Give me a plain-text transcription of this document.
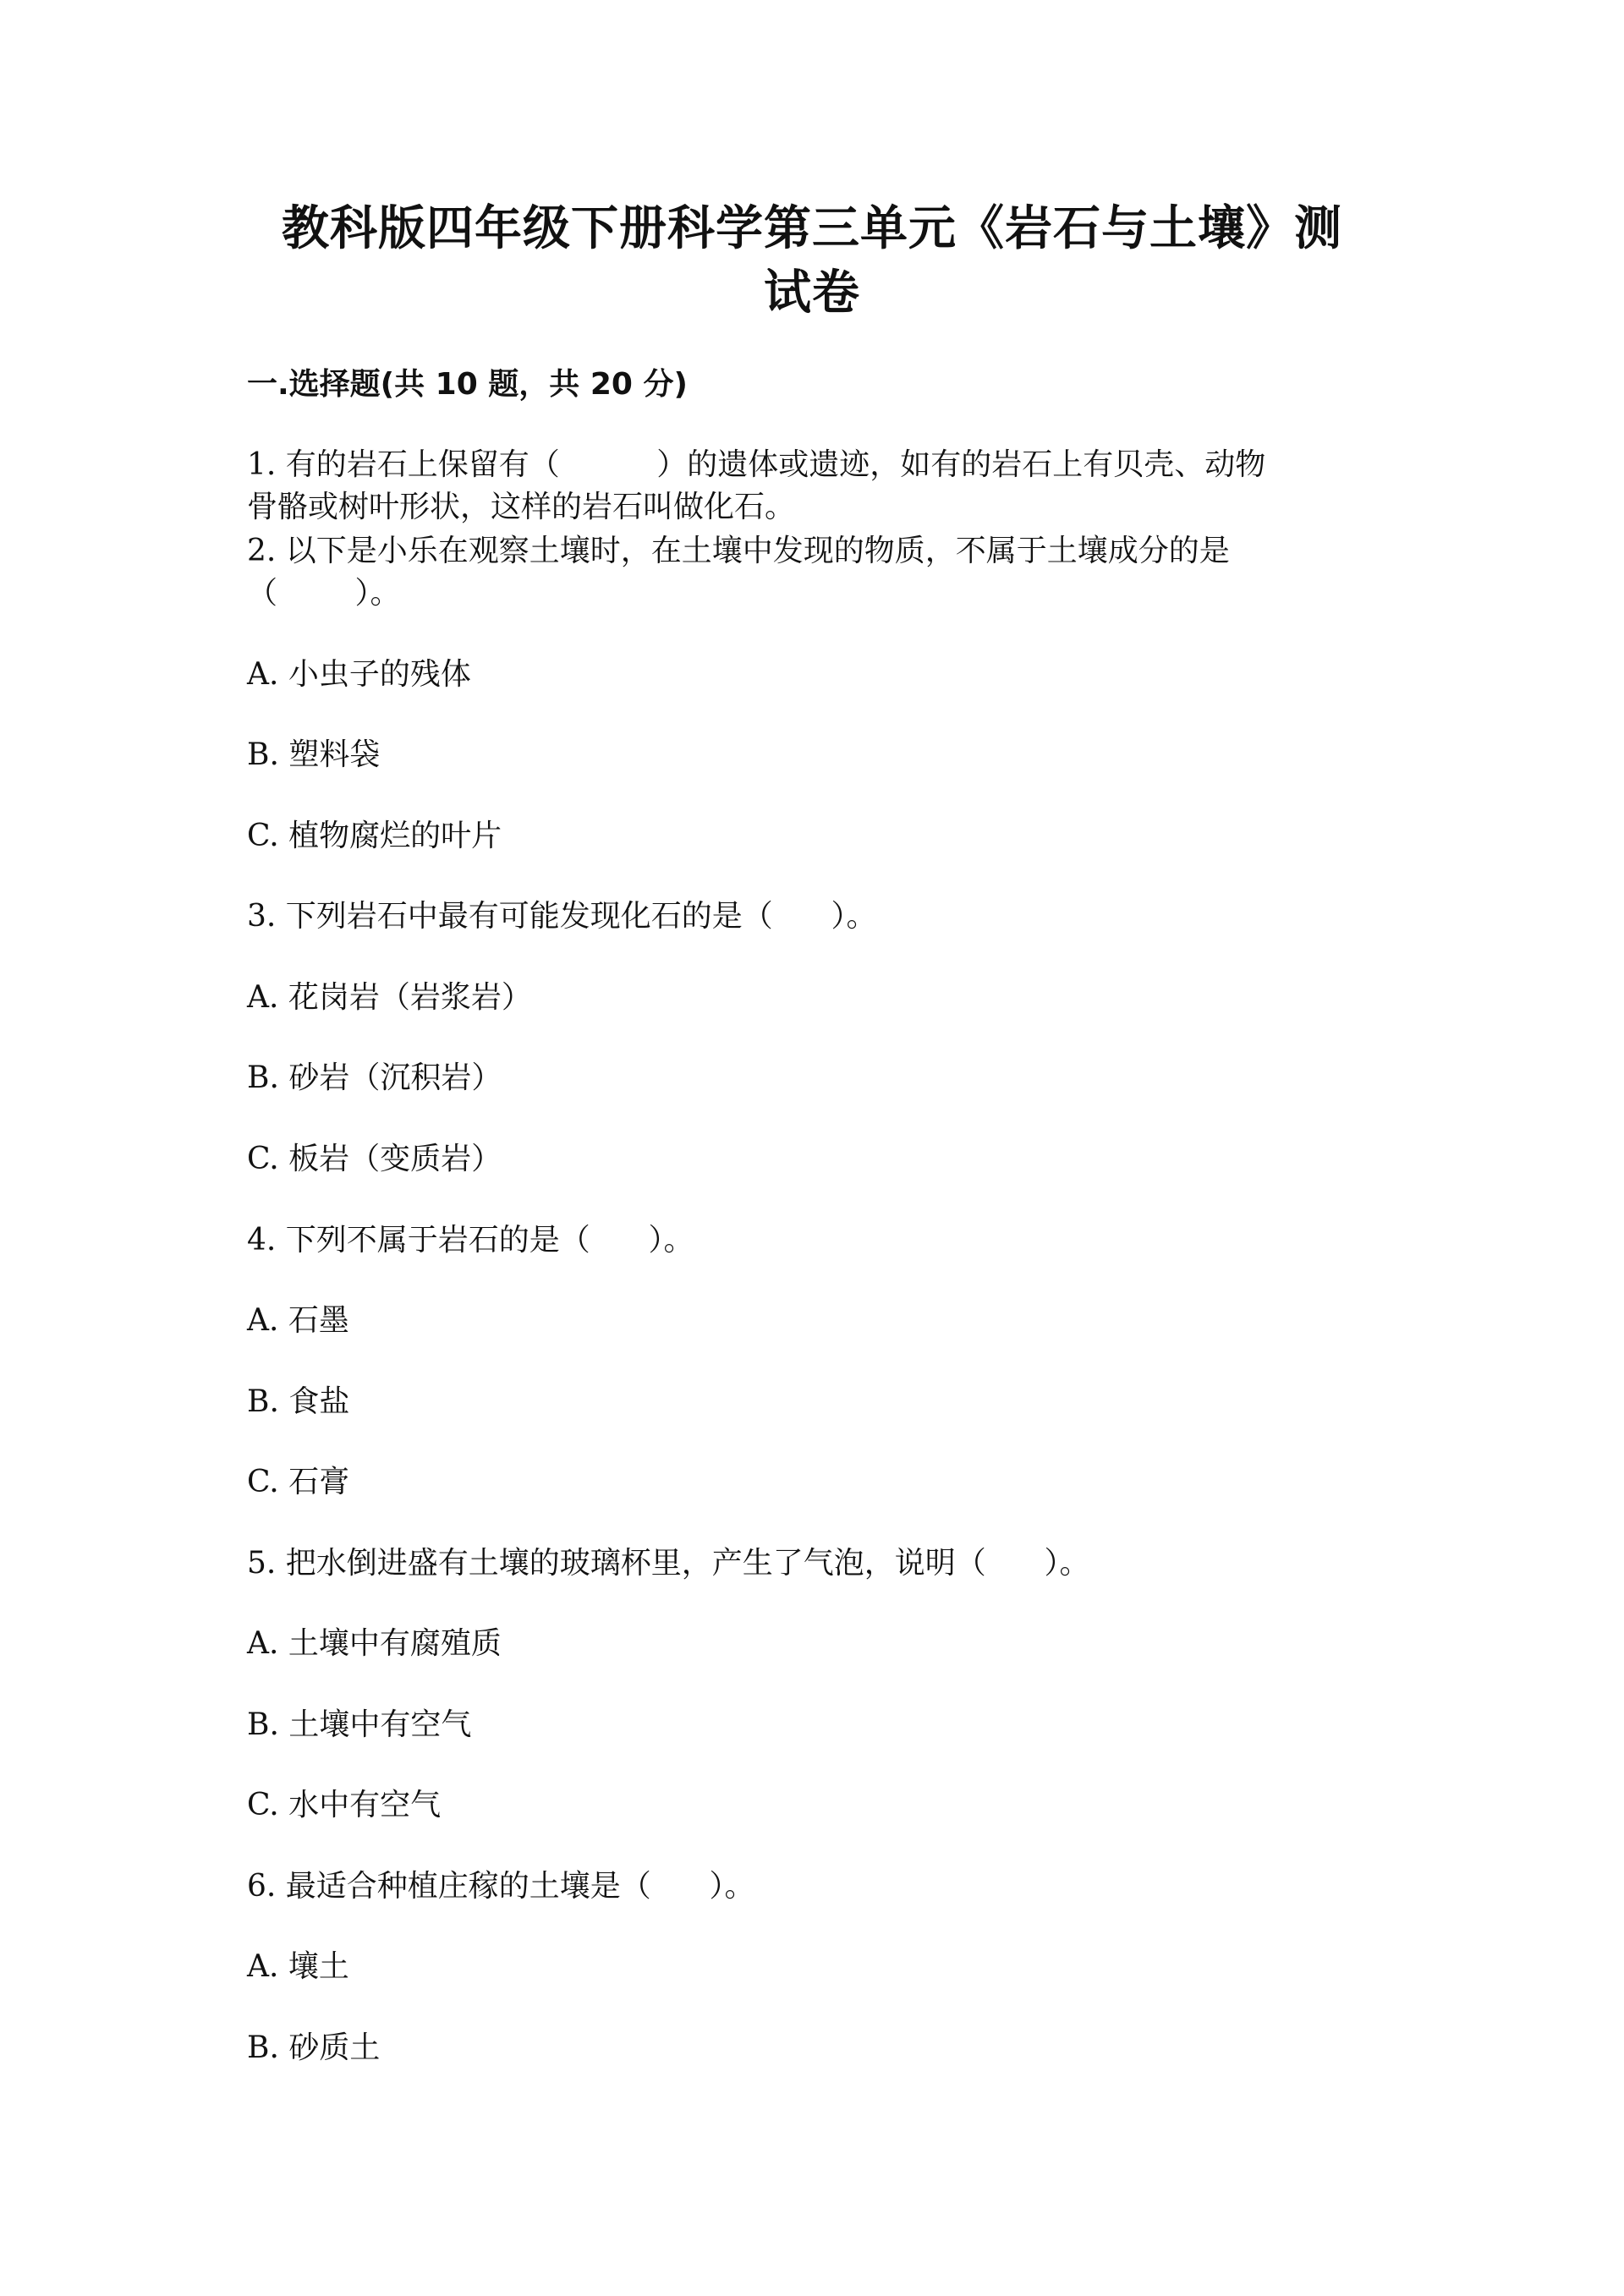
教科版四年级下册科学第三单元《岩石与土壤》测
试卷
一.选择题(共 10 题，共 20 分)
1. 有的岩石上保留有（          ）的遗体或遗迹，如有的岩石上有贝壳、动物
骨骼或树叶形状，这样的岩石叫做化石。
2. 以下是小乐在观察土壤时，在土壤中发现的物质，不属于土壤成分的是
（        ）。
A. 小虫子的残体
B. 塑料袋
C. 植物腐烂的叶片
3. 下列岩石中最有可能发现化石的是（      ）。
A. 花岗岩（岩浆岩）
B. 砂岩（沉积岩）
C. 板岩（变质岩）
4. 下列不属于岩石的是（      ）。
A. 石墨
B. 食盐
C. 石膏
5. 把水倒进盛有土壤的玻璃杯里，产生了气泡，说明（      ）。
A. 土壤中有腐殖质
B. 土壤中有空气
C. 水中有空气
6. 最适合种植庄稼的土壤是（      ）。
A. 壤土
B. 砂质土
